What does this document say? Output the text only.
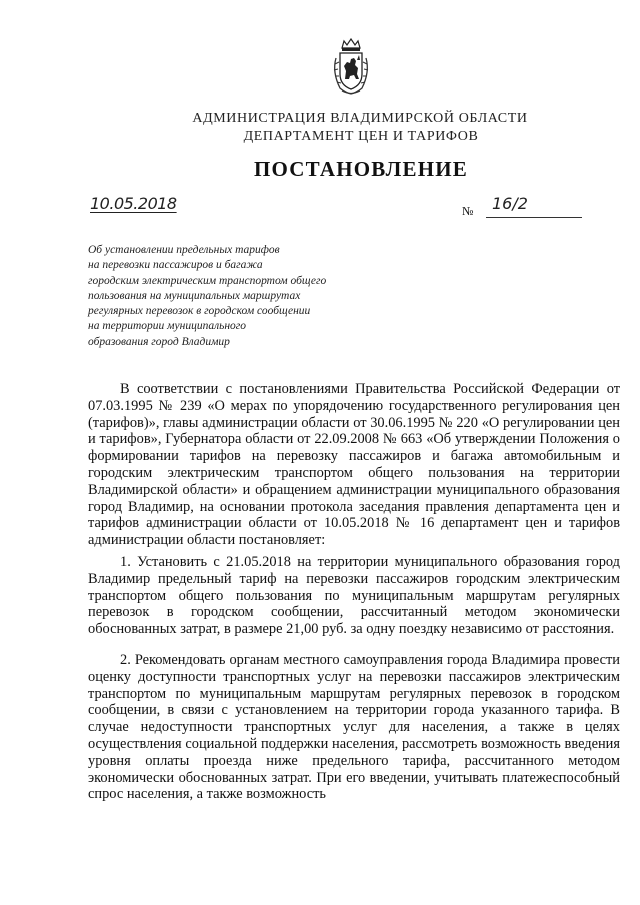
АДМИНИСТРАЦИЯ ВЛАДИМИРСКОЙ ОБЛАСТИ
ДЕПАРТАМЕНТ ЦЕН И ТАРИФОВ
ПОСТАНОВЛЕНИЕ
10.05.2018	№ 16/2
Об установлении предельных тарифов
на перевозки пассажиров и багажа
городским электрическим транспортом общего
пользования на муниципальных маршрутах
регулярных перевозок в городском сообщении
на территории муниципального
образования город Владимир

В соответствии с постановлениями Правительства Российской Федерации от 07.03.1995 № 239 «О мерах по упорядочению государственного регулирования цен (тарифов)», главы администрации области от 30.06.1995 № 220 «О регулировании цен и тарифов», Губернатора области от 22.09.2008 № 663 «Об утверждении Положения о формировании тарифов на перевозку пассажиров и багажа автомобильным и городским электрическим транспортом общего пользования на территории Владимирской области» и обращением администрации муниципального образования город Владимир, на основании протокола заседания правления департамента цен и тарифов администрации области от 10.05.2018 № 16 департамент цен и тарифов администрации области постановляет:

1. Установить с 21.05.2018 на территории муниципального образования город Владимир предельный тариф на перевозки пассажиров городским электрическим транспортом общего пользования по муниципальным маршрутам регулярных перевозок в городском сообщении, рассчитанный методом экономически обоснованных затрат, в размере 21,00 руб. за одну поездку независимо от расстояния.

2. Рекомендовать органам местного самоуправления города Владимира провести оценку доступности транспортных услуг на перевозки пассажиров электрическим транспортом по муниципальным маршрутам регулярных перевозок в городском сообщении, в связи с установлением на территории города указанного тарифа. В случае недоступности транспортных услуг для населения, а также в целях осуществления социальной поддержки населения, рассмотреть возможность введения уровня оплаты проезда ниже предельного тарифа, рассчитанного методом экономически обоснованных затрат. При его введении, учитывать платежеспособный спрос населения, а также возможность
